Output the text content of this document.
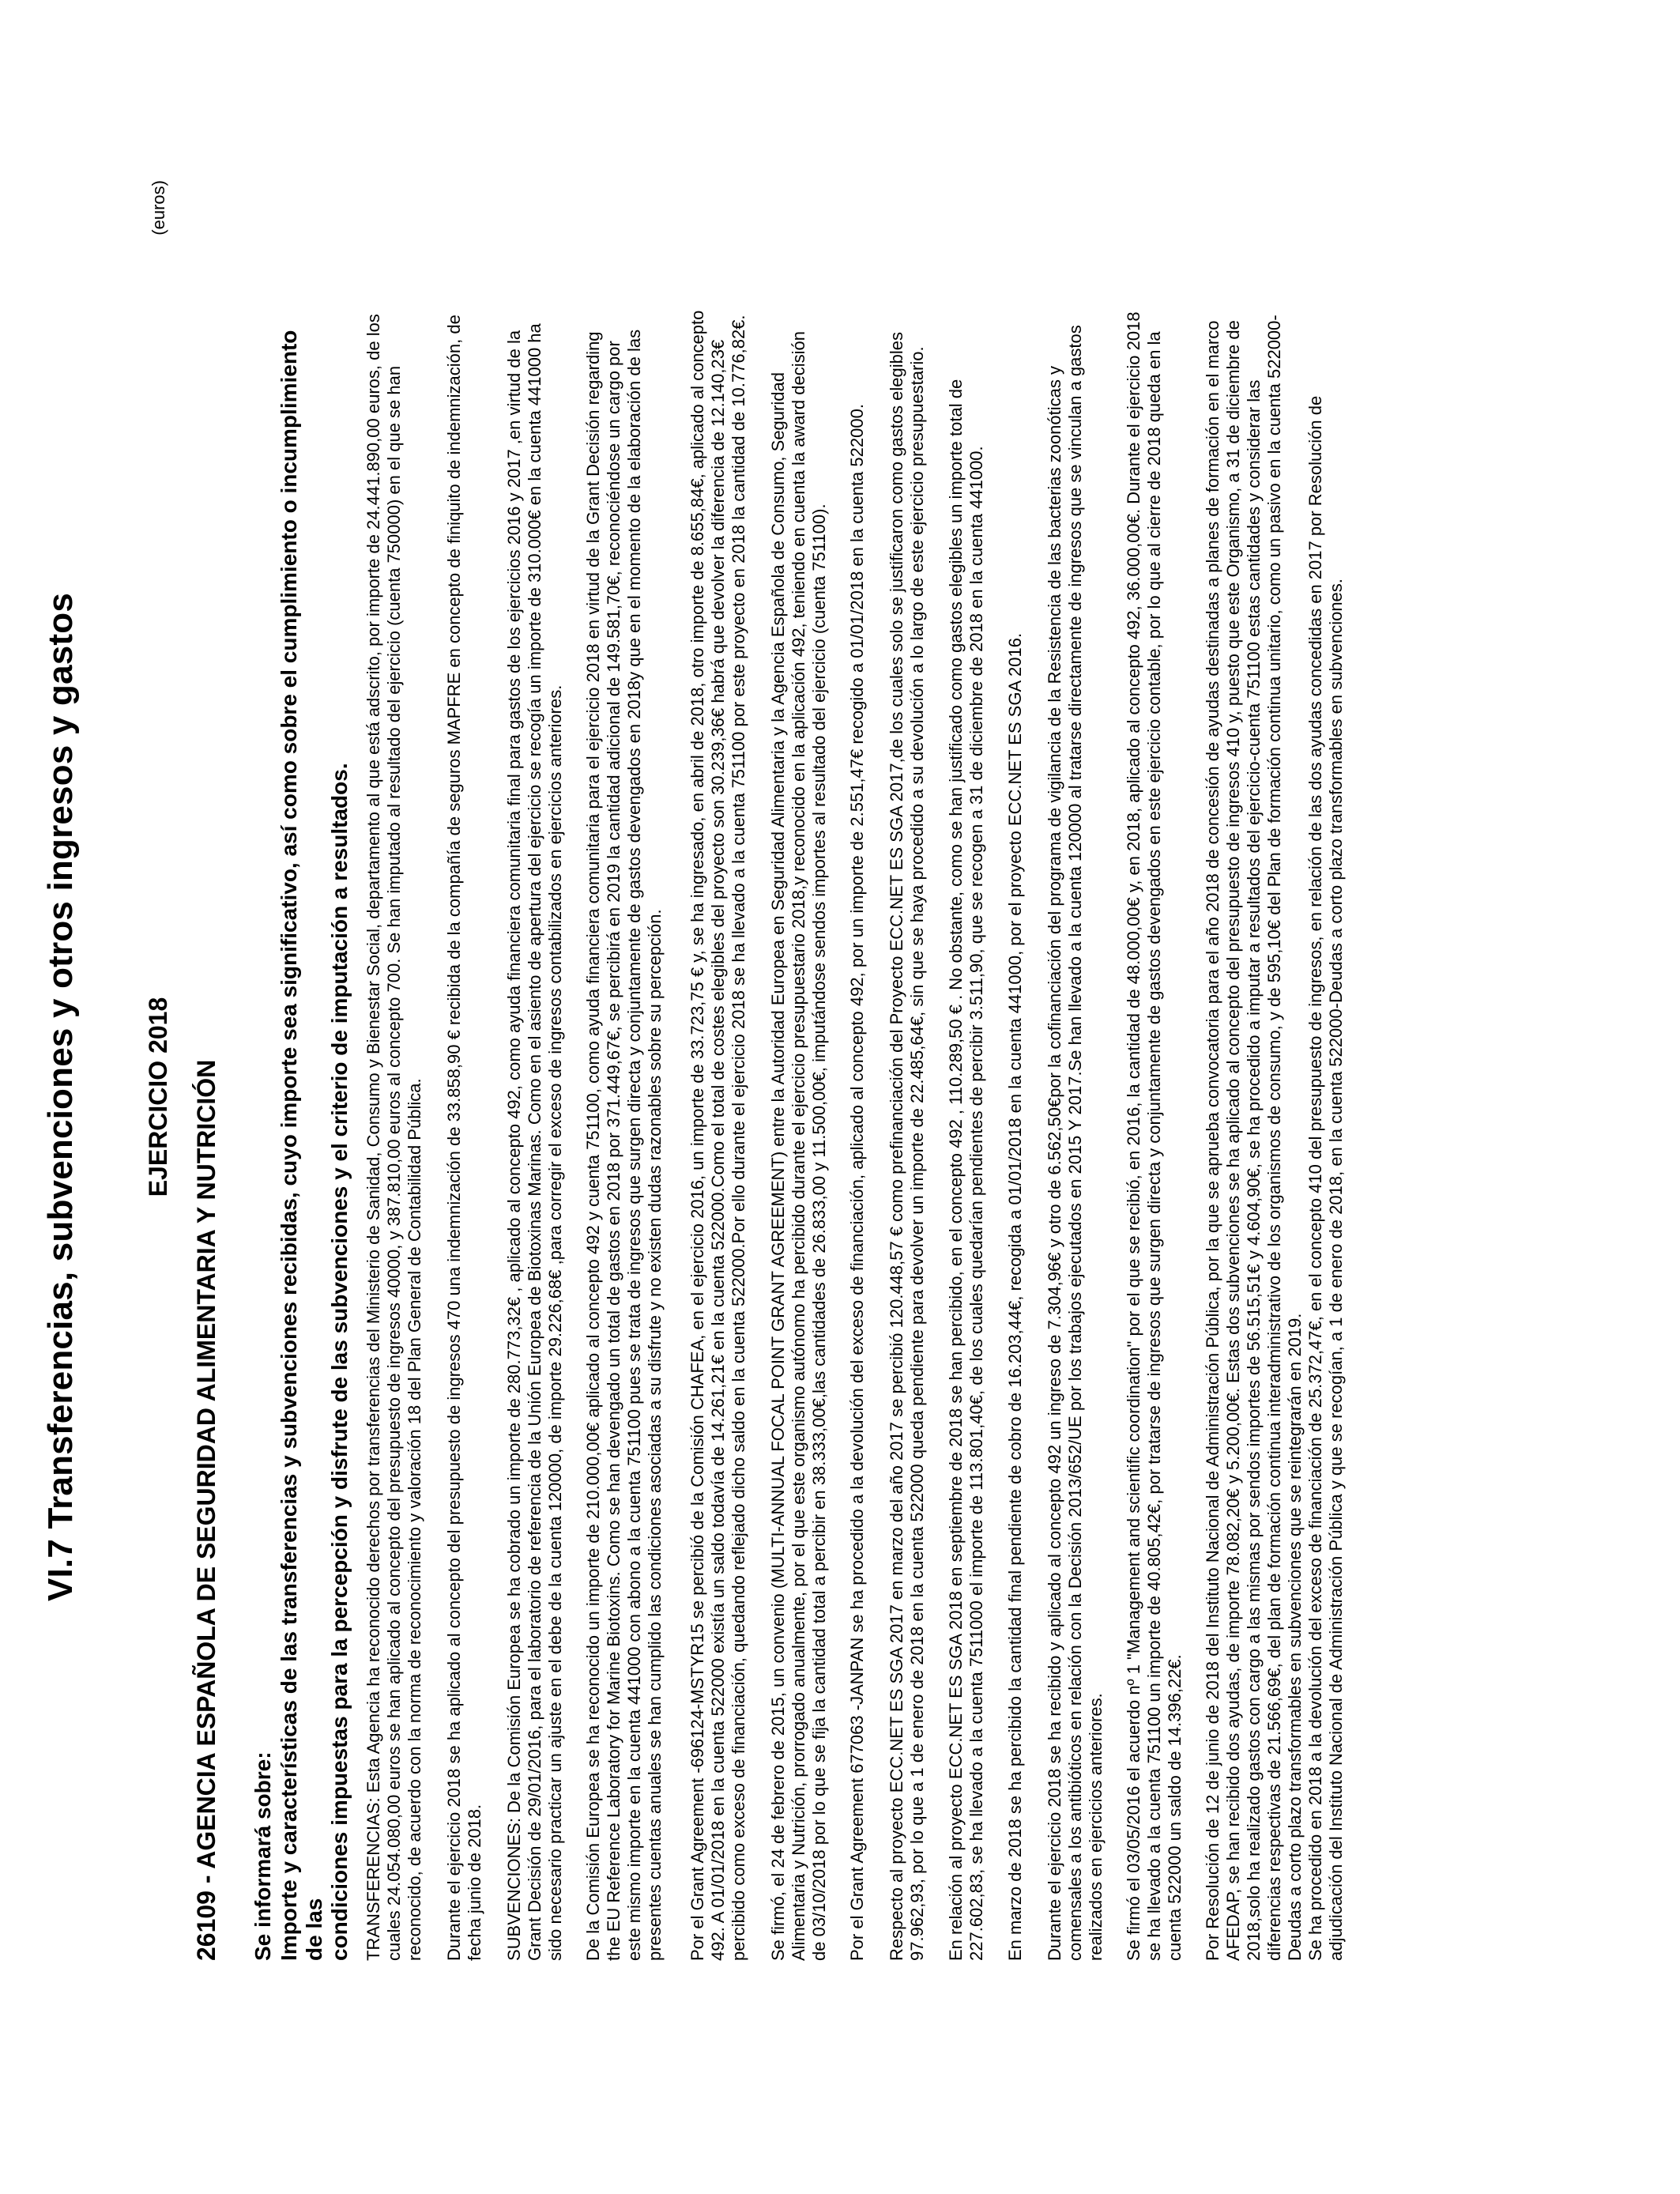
VI.7 Transferencias, subvenciones y otros ingresos y gastos
(euros)
EJERCICIO 2018 26109 - AGENCIA ESPAÑOLA DE SEGURIDAD ALIMENTARIA Y NUTRICIÓN Se informará sobre: Importe y características de las transferencias y subvenciones recibidas, cuyo importe sea significativo, así como sobre el cumplimiento o incumplimiento de las
condiciones impuestas para la percepción y disfrute de las subvenciones y el criterio de imputación a resultados.

TRANSFERENCIAS: Esta Agencia ha reconocido derechos por transferencias del Ministerio de Sanidad, Consumo y Bienestar Social, departamento al que está adscrito, por importe de 24.441.890,00 euros, de los
cuales 24.054.080,00 euros se han aplicado al concepto del presupuesto de ingresos 40000, y 387.810,00 euros al concepto 700. Se han imputado al resultado del ejercicio (cuenta 750000) en el que se han
reconocido, de acuerdo con la norma de reconocimiento y valoración 18 del Plan General de Contabilidad Pública.

Durante el ejercicio 2018 se ha aplicado al concepto del presupuesto de ingresos 470 una indemnización de 33.858,90 € recibida de la compañía de seguros MAPFRE en concepto de finiquito de indemnización, de
fecha junio de 2018. SUBVENCIONES: De la Comisión Europea se ha cobrado un importe de 280.773,32€ , aplicado al concepto 492, como ayuda financiera comunitaria final para gastos de los ejercicios 2016 y 2017 ,en virtud de la
Grant Decisión de 29/01/2016, para el laboratorio de referencia de la Unión Europea de Biotoxinas Marinas. Como en el asiento de apertura del ejercicio se recogía un importe de 310.000€ en la cuenta 441000 ha
sido necesario practicar un ajuste en el debe de la cuenta 120000, de importe 29.226,68€ ,para corregir el exceso de ingresos contabilizados en ejercicios anteriores.

De la Comisión Europea se ha reconocido un importe de 210.000,00€ aplicado al concepto 492 y cuenta 751100, como ayuda financiera comunitaria para el ejercicio 2018 en virtud de la Grant Decisión regarding
the EU Reference Laboratory for Marine Biotoxins. Como se han devengado un total de gastos en 2018 por 371.449,67€, se percibirá en 2019 la cantidad adicional de 149.581,70€, reconociéndose un cargo por
este mismo importe en la cuenta 441000 con abono a la cuenta 751100 pues se trata de ingresos que surgen directa y conjuntamente de gastos devengados en 2018y que en el momento de la elaboración de las
presentes cuentas anuales se han cumplido las condiciones asociadas a su disfrute y no existen dudas razonables sobre su percepción.

Por el Grant Agreement -696124-MSTYR15 se percibió de la Comisión CHAFEA, en el ejercicio 2016, un importe de 33.723,75 € y, se ha ingresado, en abril de 2018, otro importe de 8.655,84€, aplicado al concepto
492. A 01/01/2018 en la cuenta 522000 existía un saldo todavía de 14.261,21€ en la cuenta 522000.Como el total de costes elegibles del proyecto son 30.239,36€ habrá que devolver la diferencia de 12.140,23€
percibido como exceso de financiación, quedando reflejado dicho saldo en la cuenta 522000.Por ello durante el ejercicio 2018 se ha llevado a la cuenta 751100 por este proyecto en 2018 la cantidad de 10.776,82€.

Se firmó, el 24 de febrero de 2015, un convenio (MULTI-ANNUAL FOCAL POINT GRANT AGREEMENT) entre la Autoridad Europea en Seguridad Alimentaria y la Agencia Española de Consumo, Seguridad
Alimentaria y Nutrición, prorrogado anualmente, por el que este organismo autónomo ha percibido durante el ejercicio presupuestario 2018,y reconocido en la aplicación 492, teniendo en cuenta la award decisión
de 03/10/2018 por lo que se fija la cantidad total a percibir en 38.333,00€,las cantidades de 26.833,00 y 11.500,00€, imputándose sendos importes al resultado del ejercicio (cuenta 751100). Por el Grant Agreement 677063 -JANPAN se ha procedido a la devolución del exceso de financiación, aplicado al concepto 492, por un importe de 2.551,47€ recogido a 01/01/2018 en la cuenta 522000. Respecto al proyecto ECC.NET ES SGA 2017 en marzo del año 2017 se percibió 120.448,57 € como prefinanciación del Proyecto ECC.NET ES SGA 2017,de los cuales solo se justificaron como gastos elegibles
97.962,93, por lo que a 1 de enero de 2018 en la cuenta 522000 queda pendiente para devolver un importe de 22.485,64€, sin que se haya procedido a su devolución a lo largo de este ejercicio presupuestario.

En relación al proyecto ECC.NET ES SGA 2018 en septiembre de 2018 se han percibido, en el concepto 492 , 110.289,50 € . No obstante, como se han justificado como gastos elegibles un importe total de
227.602,83, se ha llevado a la cuenta 7511000 el importe de 113.801,40€, de los cuales quedarían pendientes de percibir 3.511,90, que se recogen a 31 de diciembre de 2018 en la cuenta 441000.

En marzo de 2018 se ha percibido la cantidad final pendiente de cobro de 16.203,44€, recogida a 01/01/2018 en la cuenta 441000, por el proyecto ECC.NET ES SGA 2016. Durante el ejercicio 2018 se ha recibido y aplicado al concepto 492 un ingreso de 7.304,96€ y otro de 6.562,50€por la cofinanciación del programa de vigilancia de la Resistencia de las bacterias zoonóticas y
comensales a los antibióticos en relación con la Decisión 2013/652/UE por los trabajos ejecutados en 2015 Y 2017.Se han llevado a la cuenta 120000 al tratarse directamente de ingresos que se vinculan a gastos
realizados en ejercicios anteriores.

Se firmó el 03/05/2016 el acuerdo nº 1 "Management and scientific coordination" por el que se recibió, en 2016, la cantidad de 48.000,00€ y, en 2018, aplicado al concepto 492, 36.000,00€. Durante el ejercicio 2018
se ha llevado a la cuenta 751100 un importe de 40.805,42€, por tratarse de ingresos que surgen directa y conjuntamente de gastos devengados en este ejercicio contable, por lo que al cierre de 2018 queda en la
cuenta 522000 un saldo de 14.396,22€.

Por Resolución de 12 de junio de 2018 del Instituto Nacional de Administración Pública, por la que se aprueba convocatoria para el año 2018 de concesión de ayudas destinadas a planes de formación en el marco
AFEDAP, se han recibido dos ayudas, de importe 78.082,20€ y 5.200,00€. Estas dos subvenciones se ha aplicado al concepto del presupuesto de ingresos 410 y, puesto que este Organismo, a 31 de diciembre de
2018,solo ha realizado gastos con cargo a las mismas por sendos importes de 56.515,51€ y 4.604,90€, se ha procedido a imputar a resultados del ejercicio-cuenta 751100 estas cantidades y considerar las
diferencias respectivas de 21.566,69€, del plan de formación continua interadministrativo de los organismos de consumo, y de 595,10€ del Plan de formación continua unitario, como un pasivo en la cuenta 522000-
Deudas a corto plazo transformables en subvenciones que se reintegrarán en 2019.
Se ha procedido en 2018 a la devolución del exceso de financiación de 25.372,47€, en el concepto 410 del presupuesto de ingresos, en relación de las dos ayudas concedidas en 2017 por Resolución de
adjudicación del Instituto Nacional de Administración Pública y que se recogían, a 1 de enero de 2018, en la cuenta 522000-Deudas a corto plazo transformables en subvenciones.
